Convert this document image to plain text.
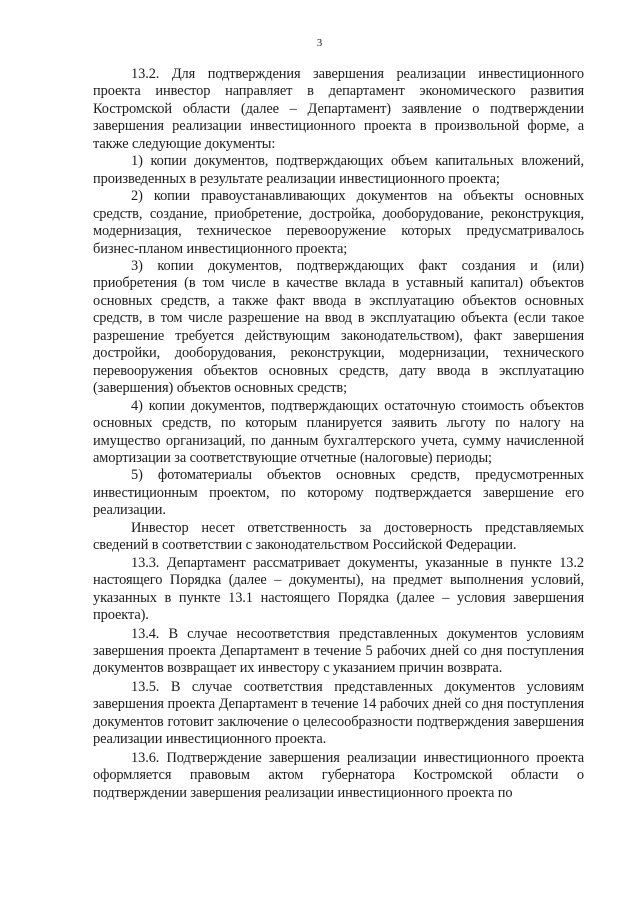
3

13.2. Для подтверждения завершения реализации инвестиционного проекта инвестор направляет в департамент экономического развития Костромской области (далее – Департамент) заявление о подтверждении завершения реализации инвестиционного проекта в произвольной форме, а также следующие документы:

1) копии документов, подтверждающих объем капитальных вложений, произведенных в результате реализации инвестиционного проекта;

2) копии правоустанавливающих документов на объекты основных средств, создание, приобретение, достройка, дооборудование, реконструкция, модернизация, техническое перевооружение которых предусматривалось бизнес-планом инвестиционного проекта;

3) копии документов, подтверждающих факт создания и (или) приобретения (в том числе в качестве вклада в уставный капитал) объектов основных средств, а также факт ввода в эксплуатацию объектов основных средств, в том числе разрешение на ввод в эксплуатацию объекта (если такое разрешение требуется действующим законодательством), факт завершения достройки, дооборудования, реконструкции, модернизации, технического перевооружения объектов основных средств, дату ввода в эксплуатацию (завершения) объектов основных средств;

4) копии документов, подтверждающих остаточную стоимость объектов основных средств, по которым планируется заявить льготу по налогу на имущество организаций, по данным бухгалтерского учета, сумму начисленной амортизации за соответствующие отчетные (налоговые) периоды;

5) фотоматериалы объектов основных средств, предусмотренных инвестиционным проектом, по которому подтверждается завершение его реализации.

Инвестор несет ответственность за достоверность представляемых сведений в соответствии с законодательством Российской Федерации.

13.3. Департамент рассматривает документы, указанные в пункте 13.2 настоящего Порядка (далее – документы), на предмет выполнения условий, указанных в пункте 13.1 настоящего Порядка (далее – условия завершения проекта).

13.4. В случае несоответствия представленных документов условиям завершения проекта Департамент в течение 5 рабочих дней со дня поступления документов возвращает их инвестору с указанием причин возврата.

13.5. В случае соответствия представленных документов условиям завершения проекта Департамент в течение 14 рабочих дней со дня поступления документов готовит заключение о целесообразности подтверждения завершения реализации инвестиционного проекта.

13.6. Подтверждение завершения реализации инвестиционного проекта оформляется правовым актом губернатора Костромской области о подтверждении завершения реализации инвестиционного проекта по
